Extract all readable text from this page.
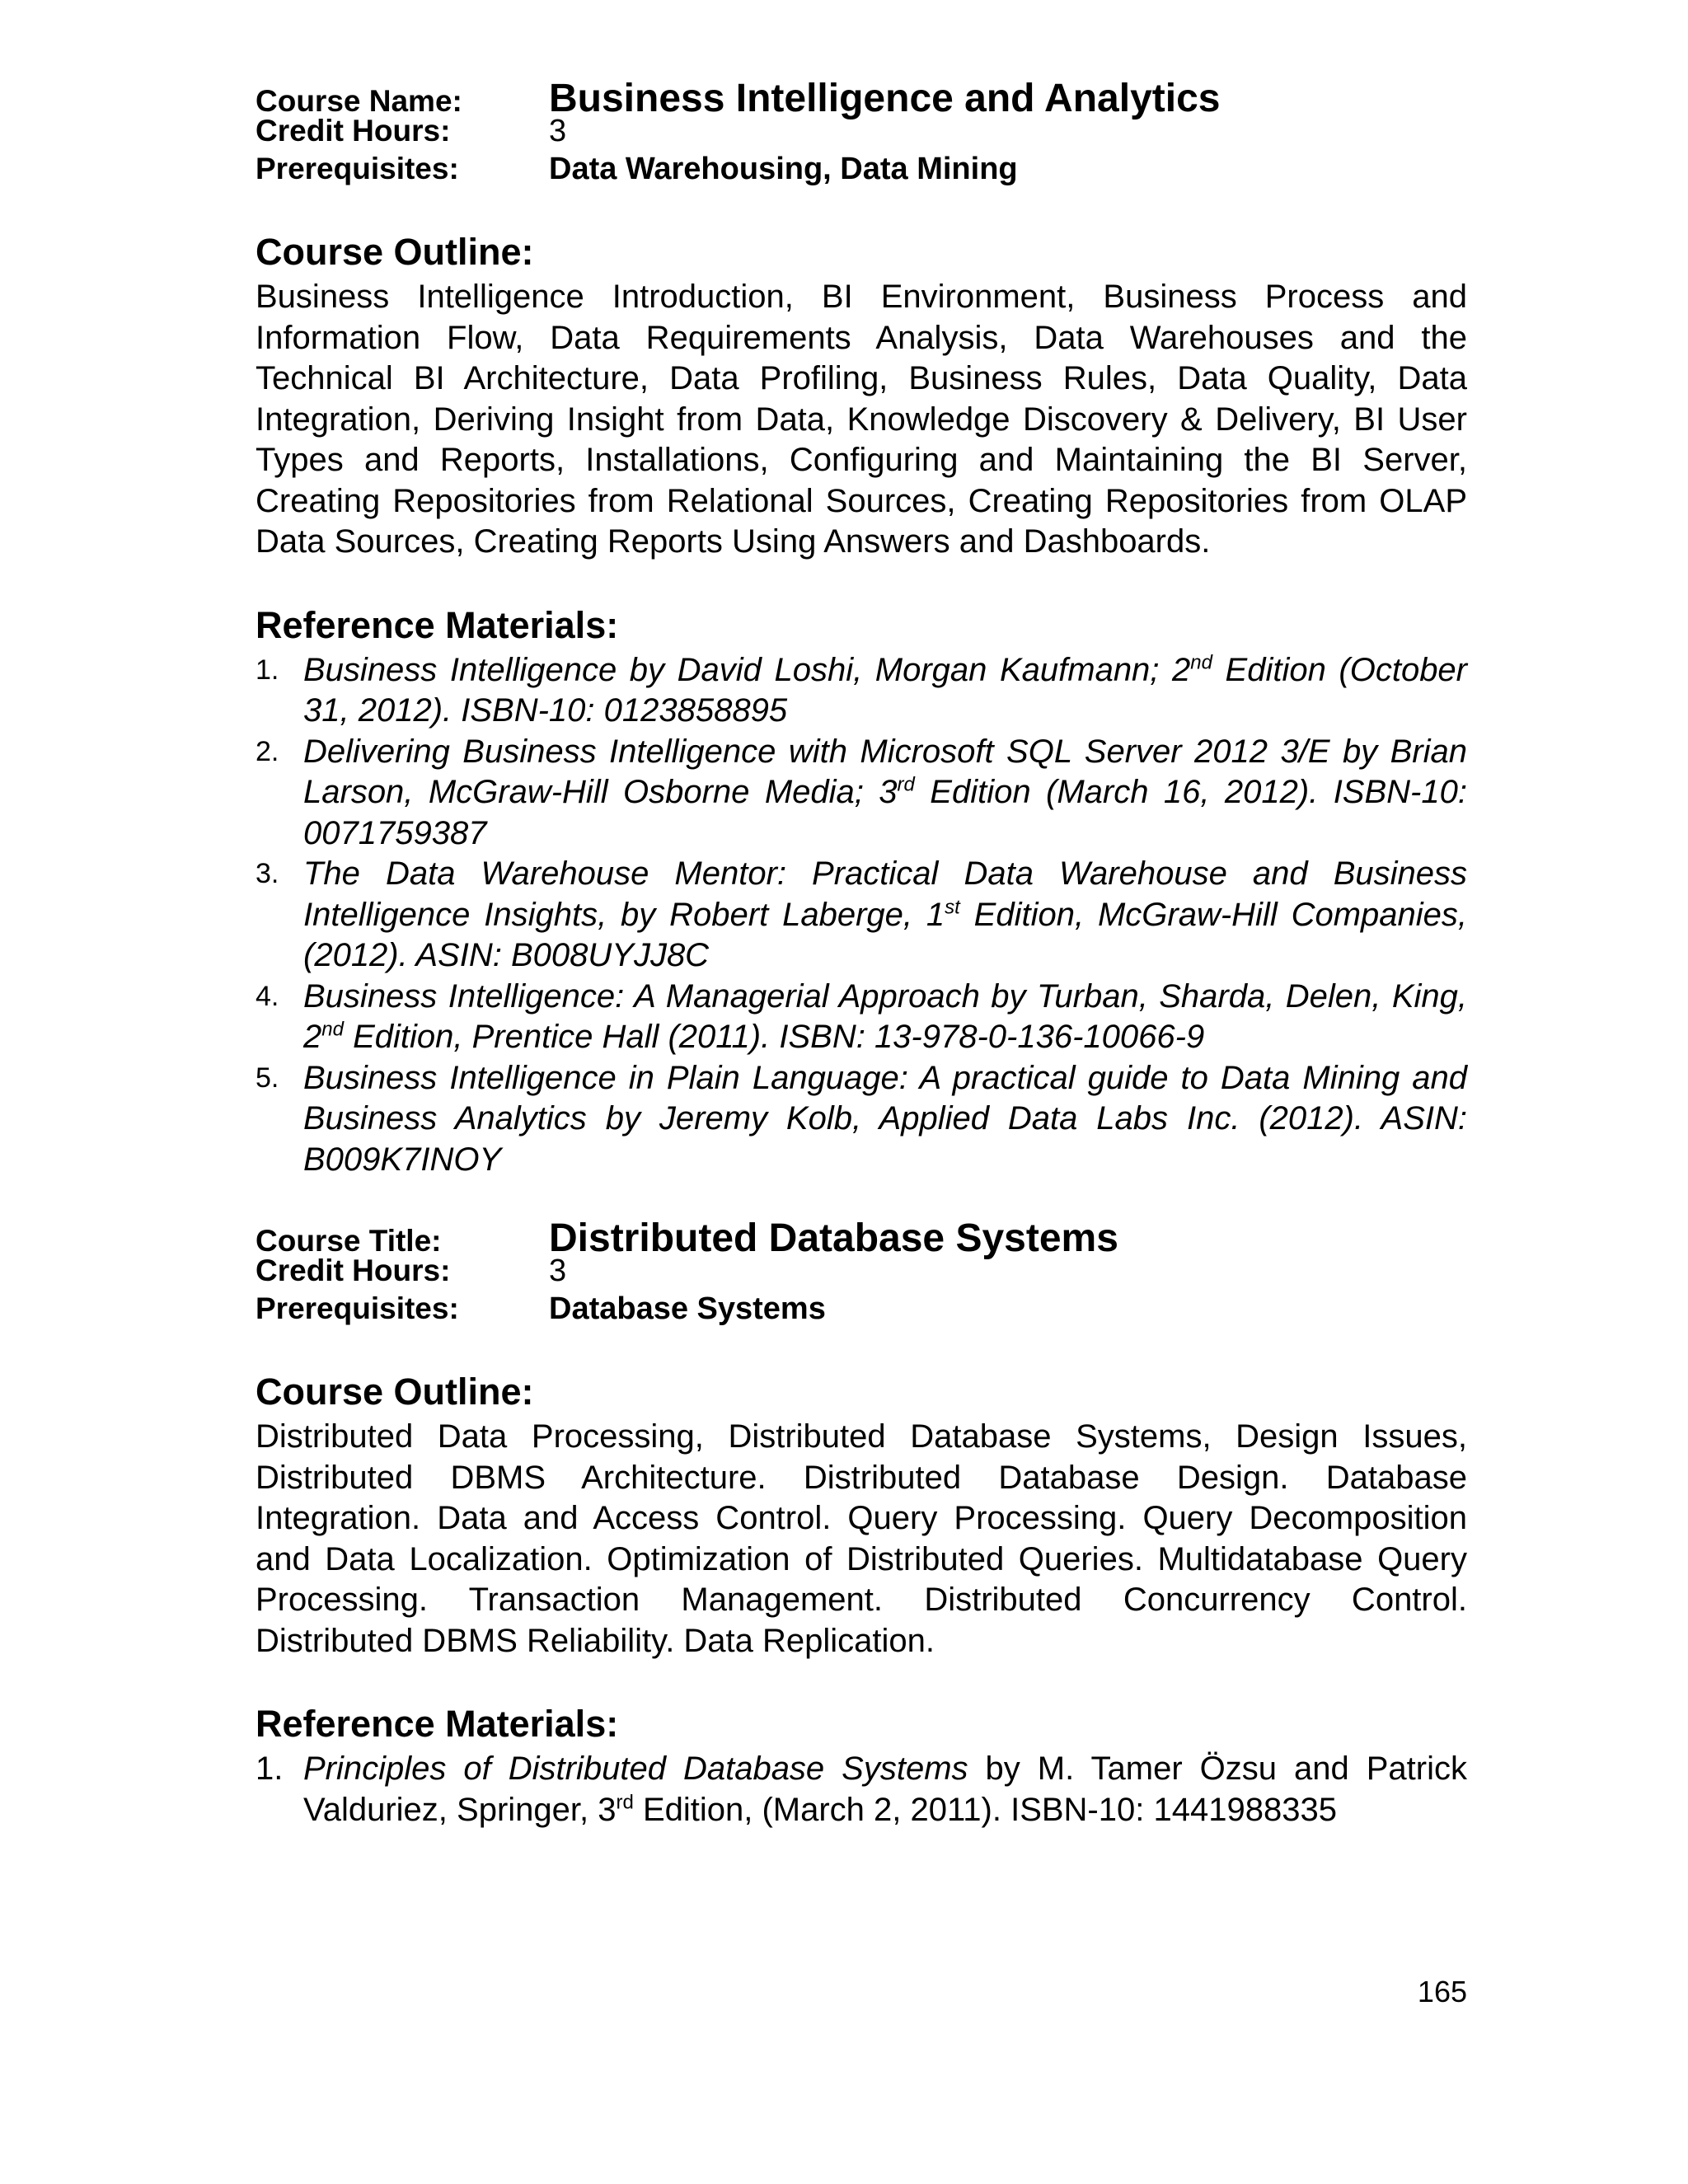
Course Name:	Business Intelligence and Analytics
Credit Hours:	3
Prerequisites:	Data Warehousing, Data Mining
Course Outline:

Business Intelligence Introduction, BI Environment, Business Process and Information Flow, Data Requirements Analysis, Data Warehouses and the Technical BI Architecture, Data Profiling, Business Rules, Data Quality, Data Integration, Deriving Insight from Data, Knowledge Discovery & Delivery, BI User Types and Reports, Installations, Configuring and Maintaining the BI Server, Creating Repositories from Relational Sources, Creating Repositories from OLAP Data Sources, Creating Reports Using Answers and Dashboards.

Reference Materials:
1. Business Intelligence by David Loshi, Morgan Kaufmann; 2nd Edition (October 31, 2012). ISBN-10: 0123858895
2. Delivering Business Intelligence with Microsoft SQL Server 2012 3/E by Brian Larson, McGraw-Hill Osborne Media; 3rd Edition (March 16, 2012). ISBN-10: 0071759387
3. The Data Warehouse Mentor: Practical Data Warehouse and Business Intelligence Insights, by Robert Laberge, 1st Edition, McGraw-Hill Companies, (2012). ASIN: B008UYJJ8C
4. Business Intelligence: A Managerial Approach by Turban, Sharda, Delen, King, 2nd Edition, Prentice Hall (2011). ISBN: 13-978-0-136-10066-9
5. Business Intelligence in Plain Language: A practical guide to Data Mining and Business Analytics by Jeremy Kolb, Applied Data Labs Inc. (2012). ASIN: B009K7INOY
Course Title:	Distributed Database Systems
Credit Hours:	3
Prerequisites:	Database Systems
Course Outline:

Distributed Data Processing, Distributed Database Systems, Design Issues, Distributed DBMS Architecture. Distributed Database Design. Database Integration. Data and Access Control. Query Processing. Query Decomposition and Data Localization. Optimization of Distributed Queries. Multidatabase Query Processing. Transaction Management. Distributed Concurrency Control. Distributed DBMS Reliability. Data Replication.

Reference Materials:
1. Principles of Distributed Database Systems by M. Tamer Özsu and Patrick Valduriez, Springer, 3rd Edition, (March 2, 2011). ISBN-10: 1441988335
165
